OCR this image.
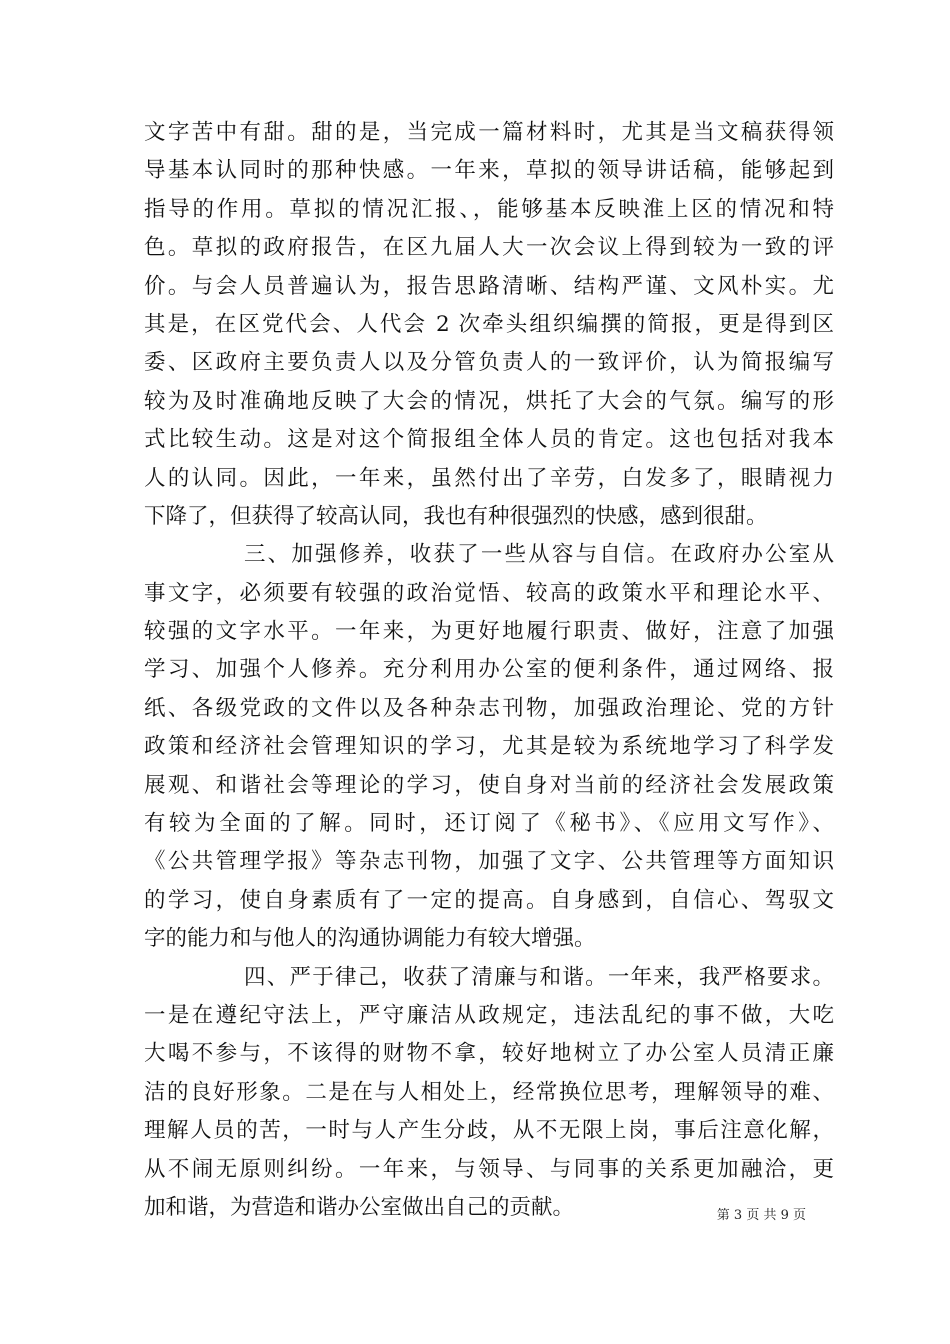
文字苦中有甜。甜的是，当完成一篇材料时，尤其是当文稿获得领
导基本认同时的那种快感。一年来，草拟的领导讲话稿，能够起到
指导的作用。草拟的情况汇报、，能够基本反映淮上区的情况和特
色。草拟的政府报告，在区九届人大一次会议上得到较为一致的评
价。与会人员普遍认为，报告思路清晰、结构严谨、文风朴实。尤
其是，在区党代会、人代会 2 次牵头组织编撰的简报，更是得到区
委、区政府主要负责人以及分管负责人的一致评价，认为简报编写
较为及时准确地反映了大会的情况，烘托了大会的气氛。编写的形
式比较生动。这是对这个简报组全体人员的肯定。这也包括对我本
人的认同。因此，一年来，虽然付出了辛劳，白发多了，眼睛视力
下降了，但获得了较高认同，我也有种很强烈的快感，感到很甜。
三、加强修养，收获了一些从容与自信。在政府办公室从
事文字，必须要有较强的政治觉悟、较高的政策水平和理论水平、
较强的文字水平。一年来，为更好地履行职责、做好，注意了加强
学习、加强个人修养。充分利用办公室的便利条件，通过网络、报
纸、各级党政的文件以及各种杂志刊物，加强政治理论、党的方针
政策和经济社会管理知识的学习，尤其是较为系统地学习了科学发
展观、和谐社会等理论的学习，使自身对当前的经济社会发展政策
有较为全面的了解。同时，还订阅了《秘书》、《应用文写作》、
《公共管理学报》等杂志刊物，加强了文字、公共管理等方面知识
的学习，使自身素质有了一定的提高。自身感到，自信心、驾驭文
字的能力和与他人的沟通协调能力有较大增强。
四、严于律己，收获了清廉与和谐。一年来，我严格要求。
一是在遵纪守法上，严守廉洁从政规定，违法乱纪的事不做，大吃
大喝不参与，不该得的财物不拿，较好地树立了办公室人员清正廉
洁的良好形象。二是在与人相处上，经常换位思考，理解领导的难、
理解人员的苦，一时与人产生分歧，从不无限上岗，事后注意化解，
从不闹无原则纠纷。一年来，与领导、与同事的关系更加融洽，更
加和谐，为营造和谐办公室做出自己的贡献。	第 3 页 共 9 页
